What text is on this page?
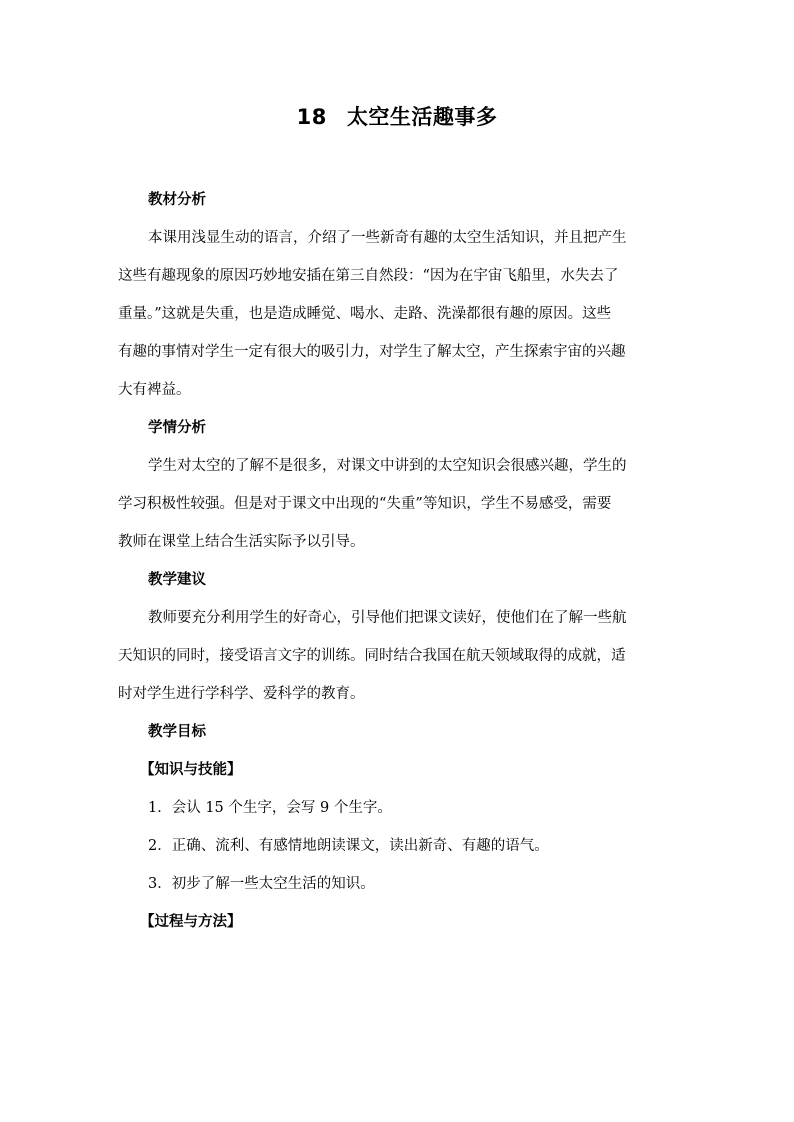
18 太空生活趣事多
教材分析
本课用浅显生动的语言，介绍了一些新奇有趣的太空生活知识，并且把产生
这些有趣现象的原因巧妙地安插在第三自然段：“因为在宇宙飞船里，水失去了
重量。”这就是失重，也是造成睡觉、喝水、走路、洗澡都很有趣的原因。这些
有趣的事情对学生一定有很大的吸引力，对学生了解太空，产生探索宇宙的兴趣
大有裨益。
学情分析
学生对太空的了解不是很多，对课文中讲到的太空知识会很感兴趣，学生的
学习积极性较强。但是对于课文中出现的“失重”等知识，学生不易感受，需要
教师在课堂上结合生活实际予以引导。
教学建议
教师要充分利用学生的好奇心，引导他们把课文读好，使他们在了解一些航
天知识的同时，接受语言文字的训练。同时结合我国在航天领域取得的成就，适
时对学生进行学科学、爱科学的教育。
教学目标
【知识与技能】
1．会认 15 个生字，会写 9 个生字。
2．正确、流利、有感情地朗读课文，读出新奇、有趣的语气。
3．初步了解一些太空生活的知识。
【过程与方法】
